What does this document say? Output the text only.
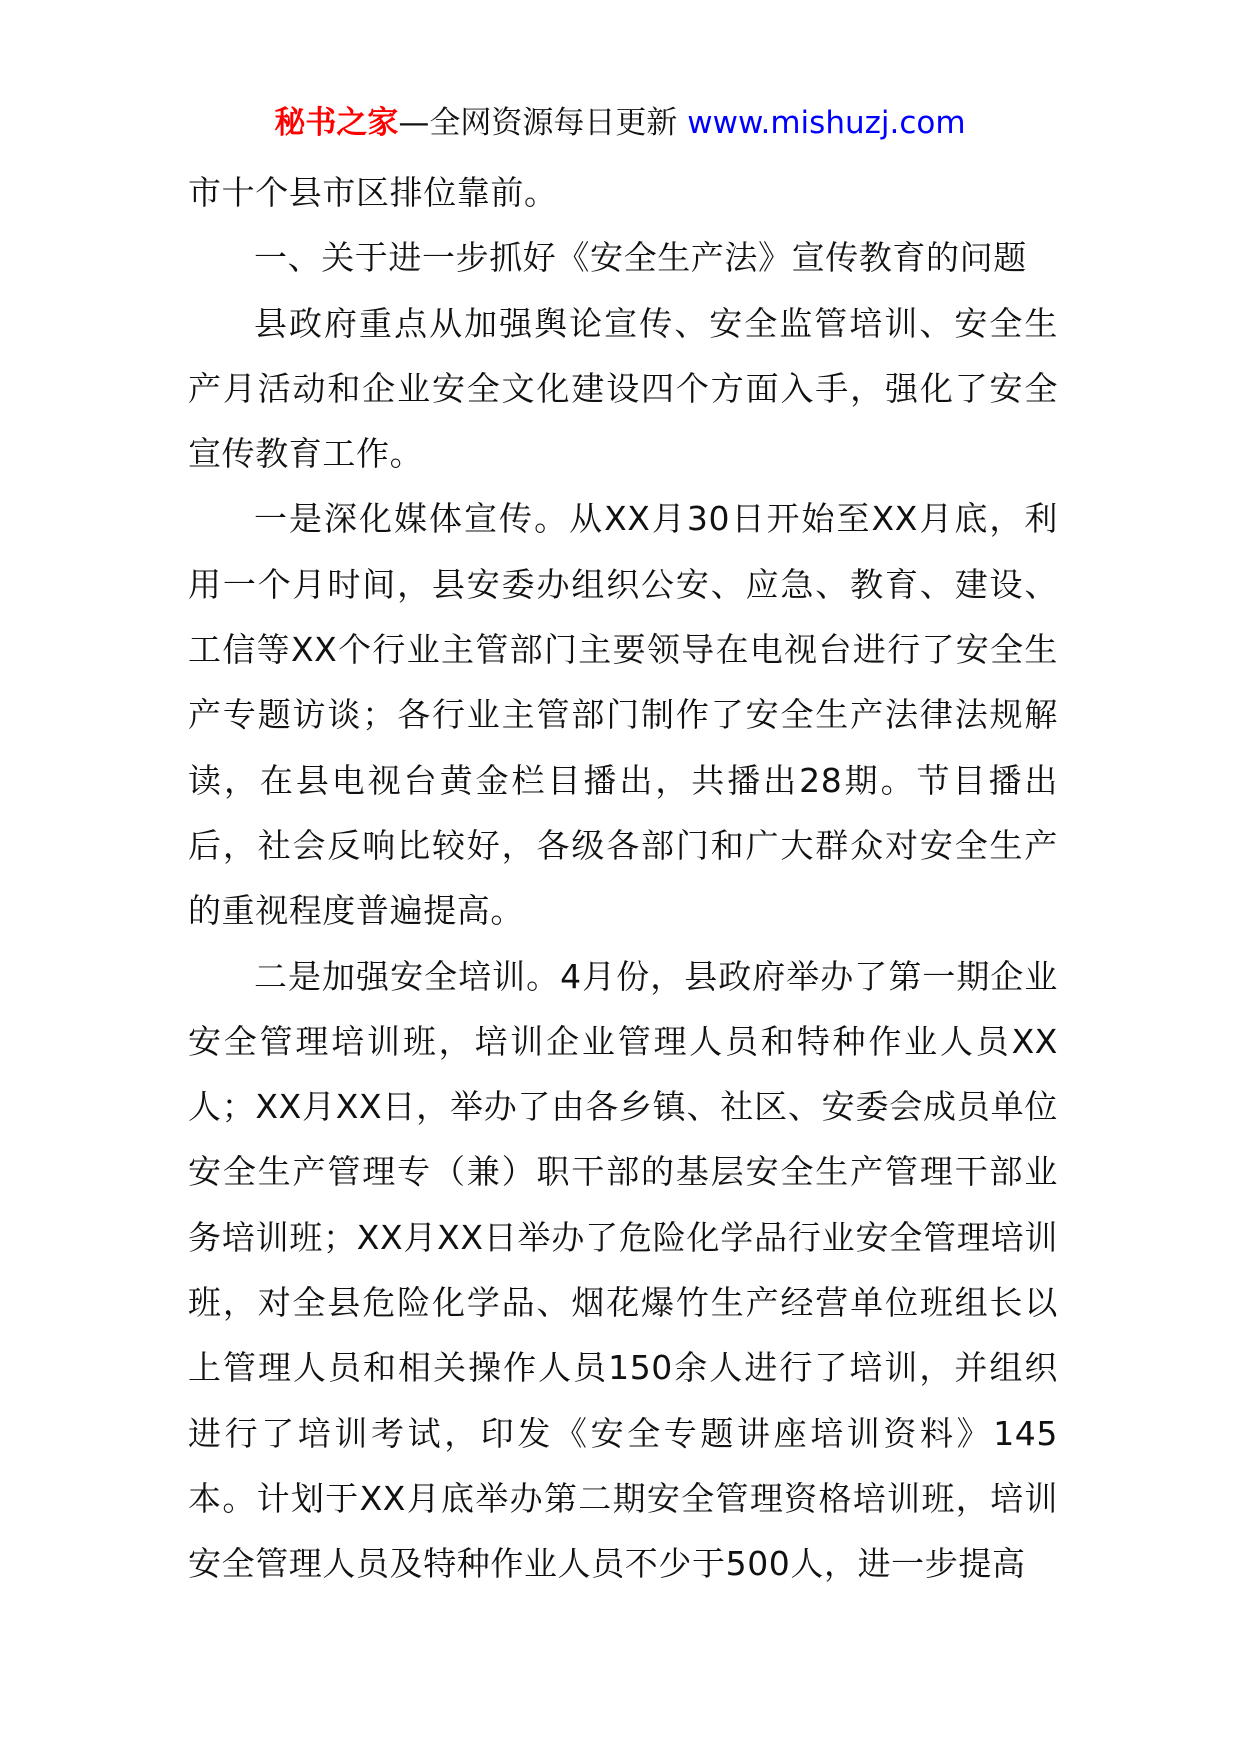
秘书之家—全网资源每日更新 www.mishuzj.com

市十个县市区排位靠前。

一、关于进一步抓好《安全生产法》宣传教育的问题

县政府重点从加强舆论宣传、安全监管培训、安全生产月活动和企业安全文化建设四个方面入手，强化了安全宣传教育工作。

一是深化媒体宣传。从XX月30日开始至XX月底，利用一个月时间，县安委办组织公安、应急、教育、建设、工信等XX个行业主管部门主要领导在电视台进行了安全生产专题访谈；各行业主管部门制作了安全生产法律法规解读，在县电视台黄金栏目播出，共播出28期。节目播出后，社会反响比较好，各级各部门和广大群众对安全生产的重视程度普遍提高。

二是加强安全培训。4月份，县政府举办了第一期企业安全管理培训班，培训企业管理人员和特种作业人员XX人；XX月XX日，举办了由各乡镇、社区、安委会成员单位安全生产管理专（兼）职干部的基层安全生产管理干部业务培训班；XX月XX日举办了危险化学品行业安全管理培训班，对全县危险化学品、烟花爆竹生产经营单位班组长以上管理人员和相关操作人员150余人进行了培训，并组织进行了培训考试，印发《安全专题讲座培训资料》145本。计划于XX月底举办第二期安全管理资格培训班，培训安全管理人员及特种作业人员不少于500人，进一步提高
